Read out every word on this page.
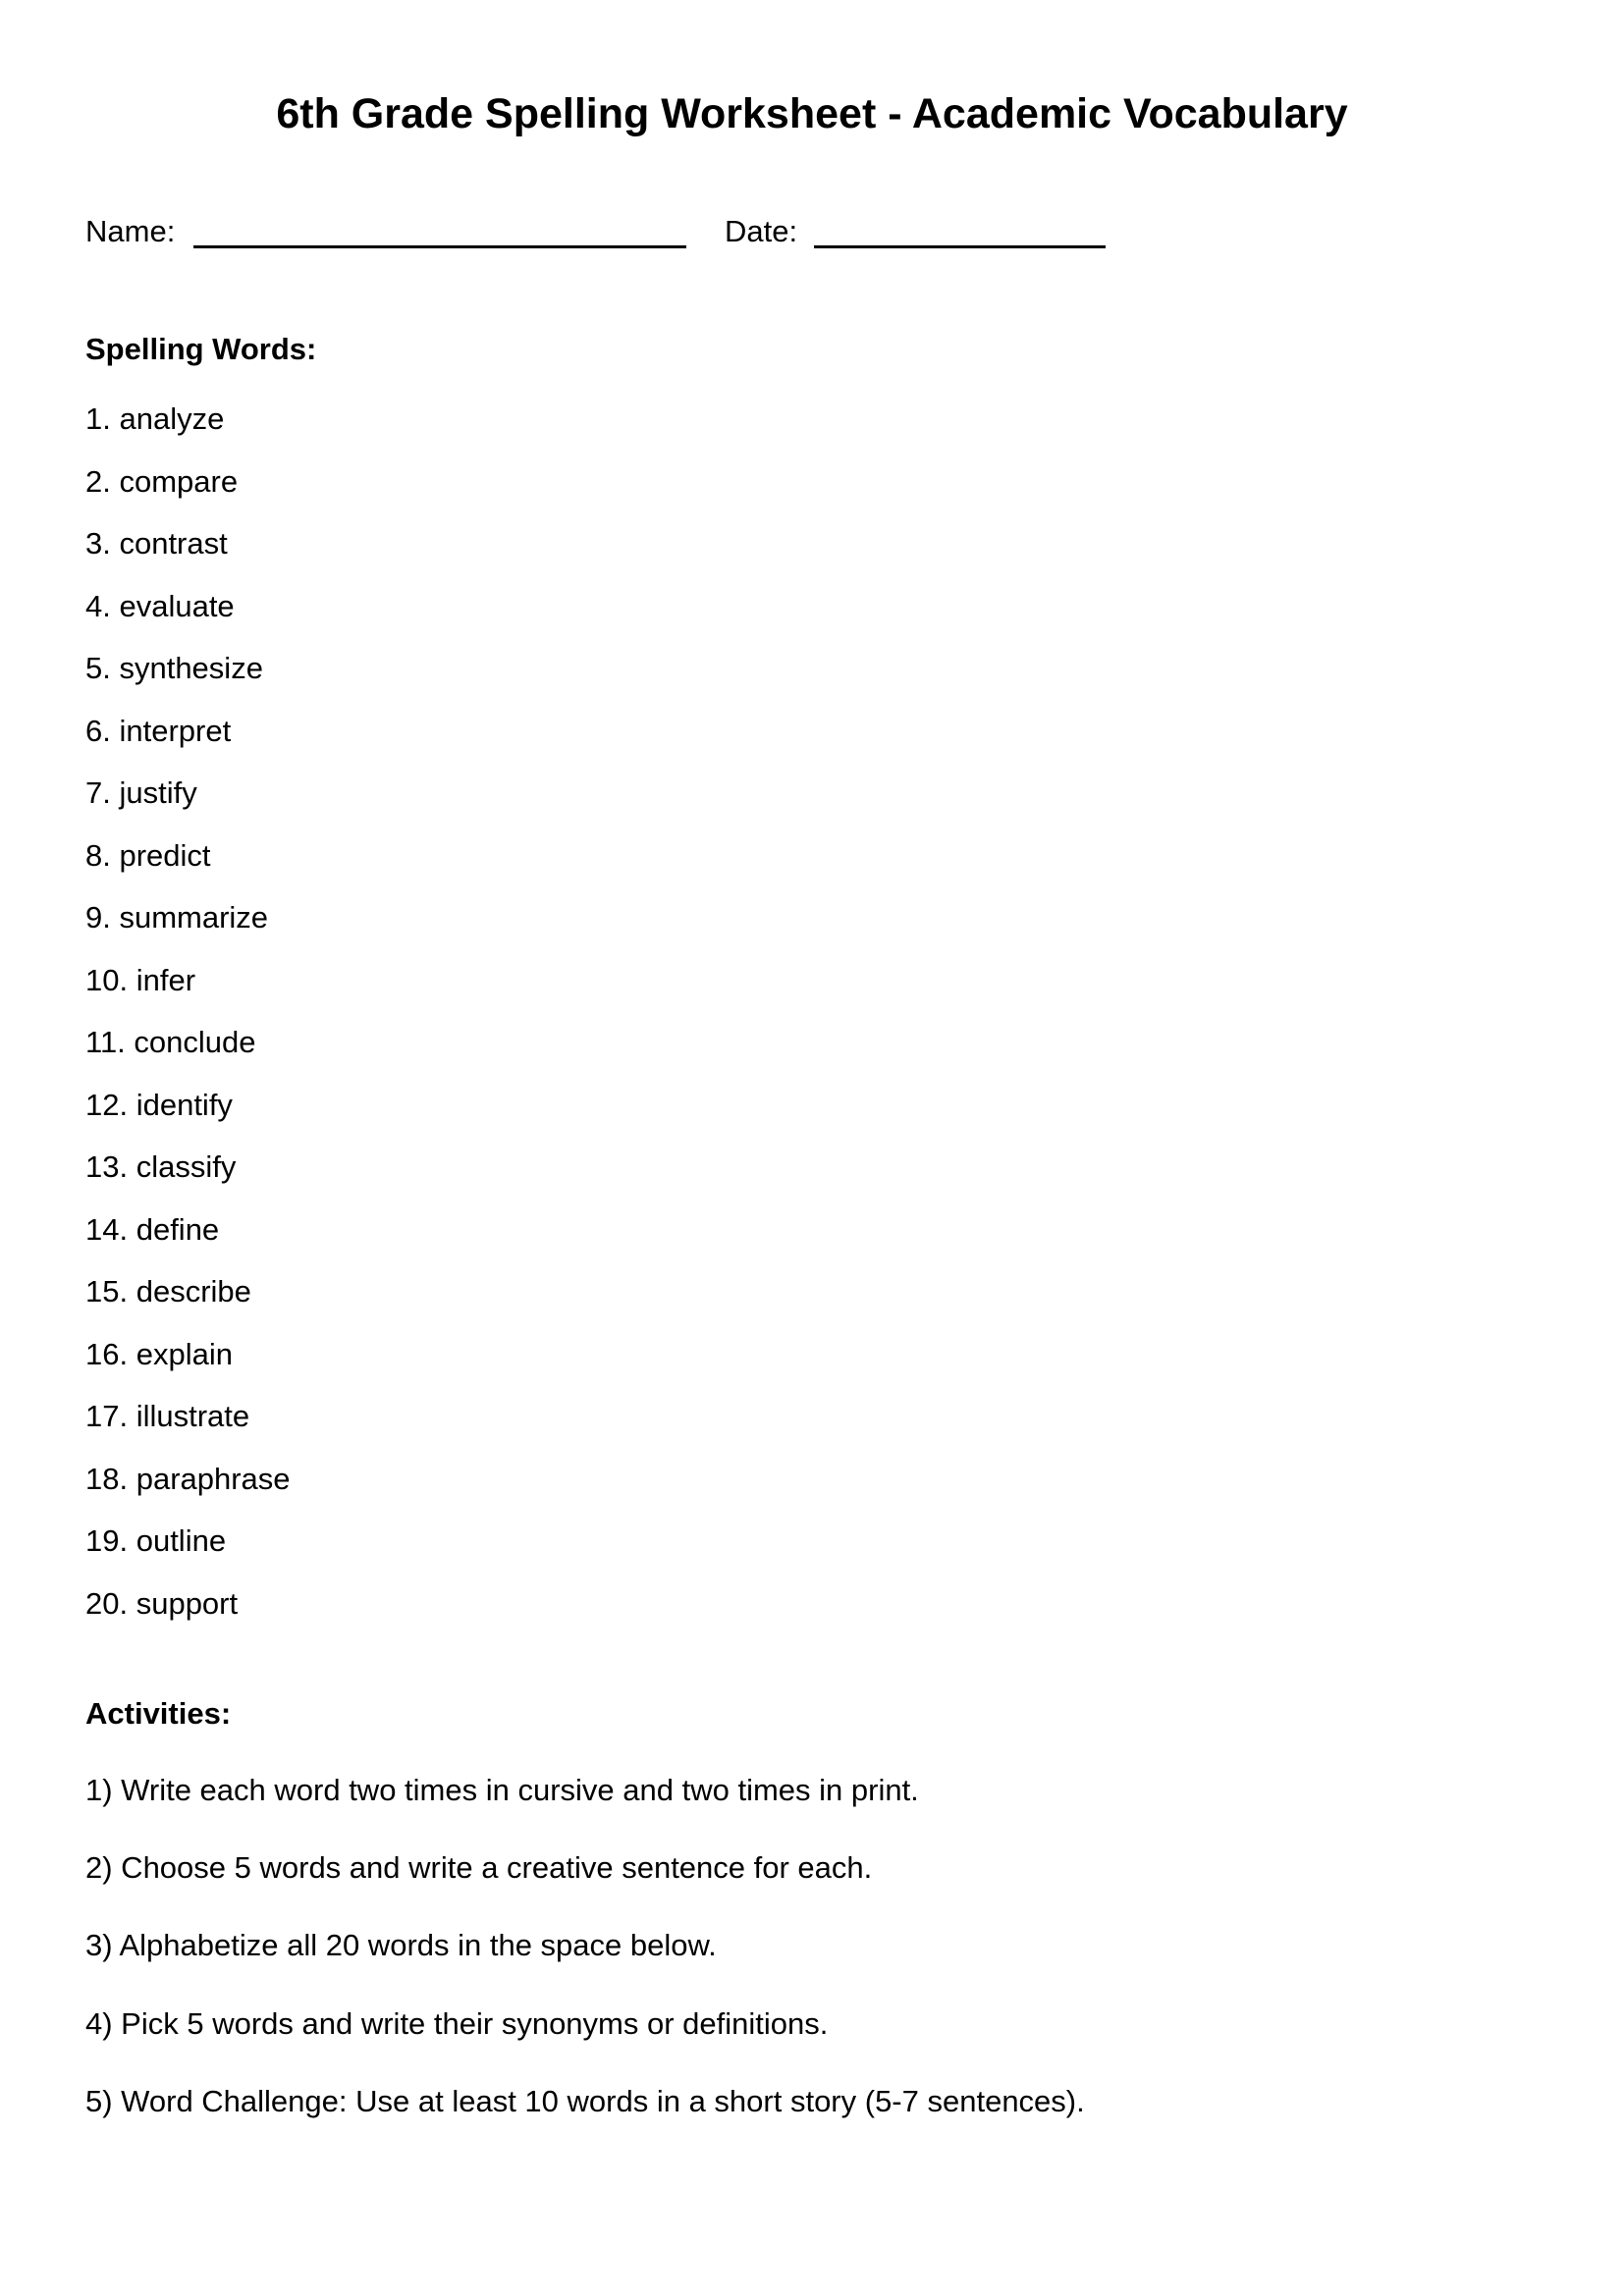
6th Grade Spelling Worksheet - Academic Vocabulary
Name:	Date:
Spelling Words:
1. analyze
2. compare
3. contrast
4. evaluate
5. synthesize
6. interpret
7. justify
8. predict
9. summarize
10. infer
11. conclude
12. identify
13. classify
14. define
15. describe
16. explain
17. illustrate
18. paraphrase
19. outline
20. support
Activities:
1) Write each word two times in cursive and two times in print.
2) Choose 5 words and write a creative sentence for each.
3) Alphabetize all 20 words in the space below.
4) Pick 5 words and write their synonyms or definitions.
5) Word Challenge: Use at least 10 words in a short story (5-7 sentences).
